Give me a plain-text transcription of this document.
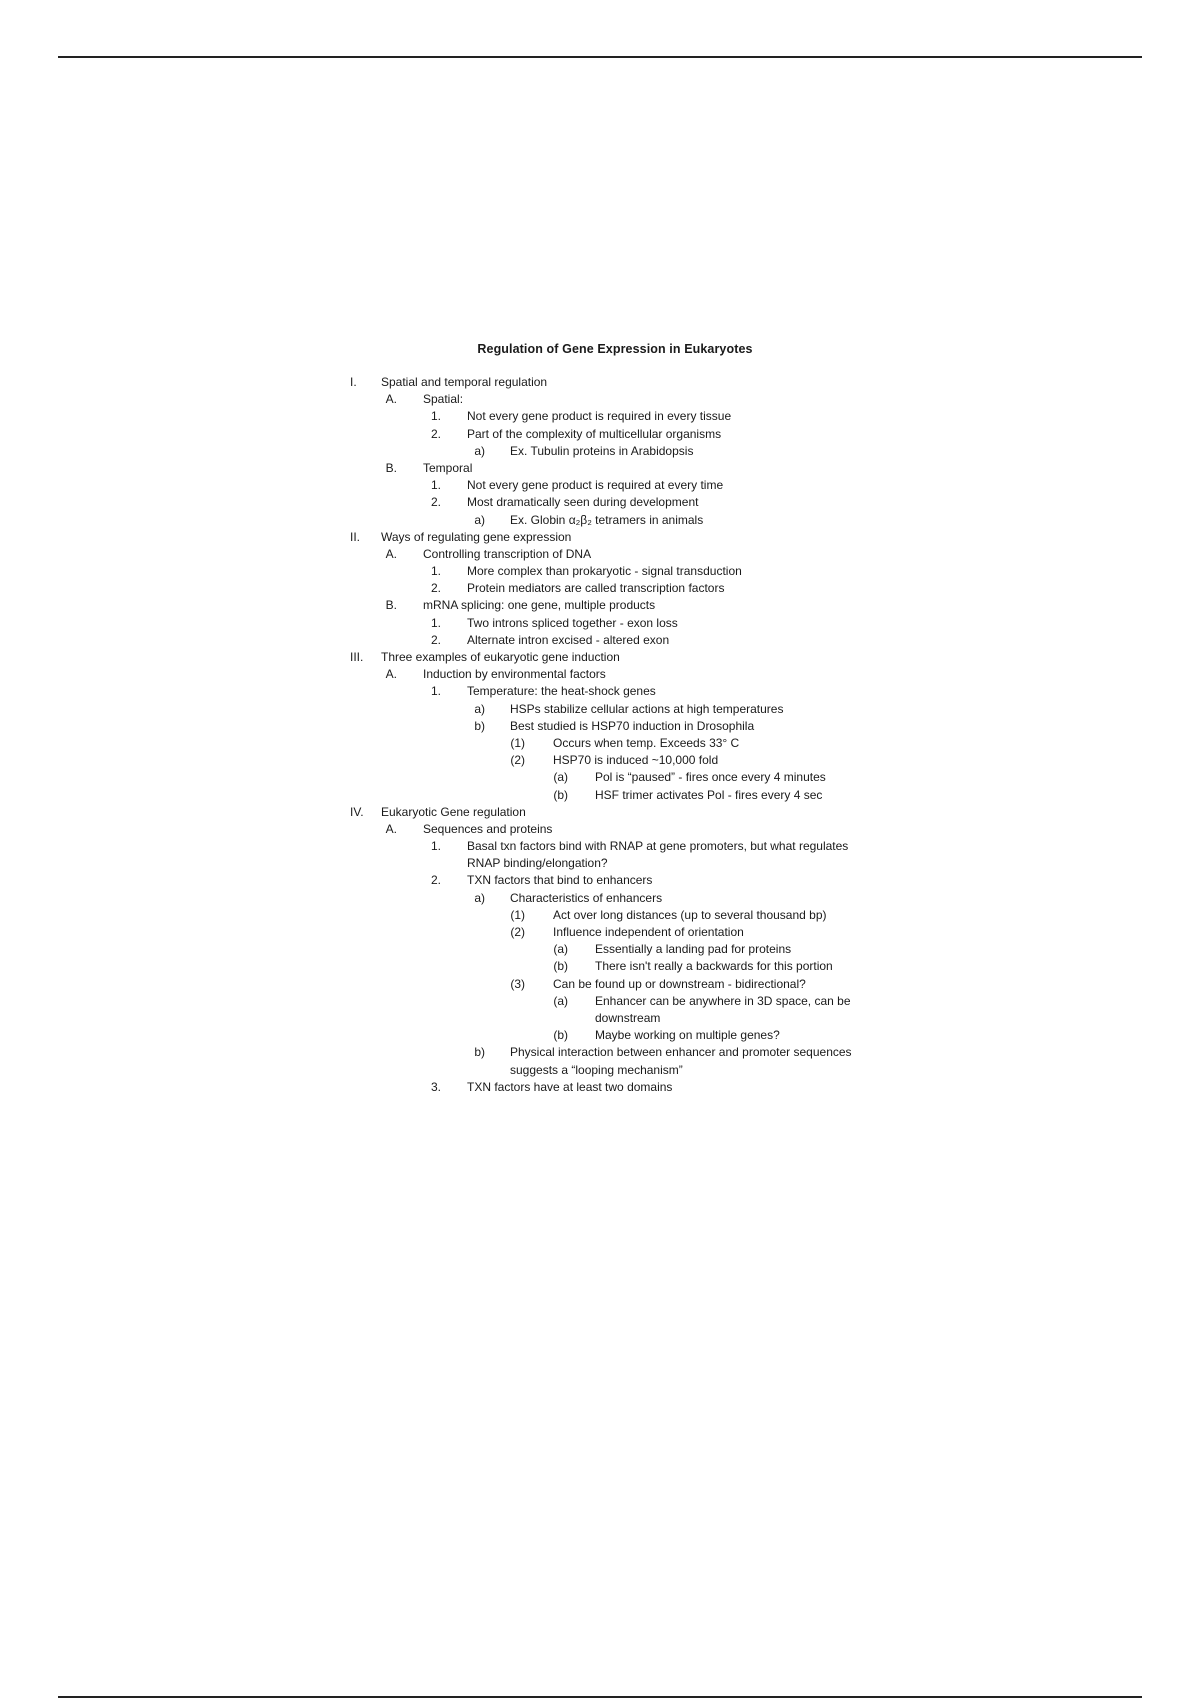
Regulation of Gene Expression in Eukaryotes
I.	Spatial and temporal regulation
A. Spatial:
1. Not every gene product is required in every tissue
2. Part of the complexity of multicellular organisms
a) Ex. Tubulin proteins in Arabidopsis
B. Temporal
1. Not every gene product is required at every time
2. Most dramatically seen during development
a) Ex. Globin α₂β₂ tetramers in animals
II.	Ways of regulating gene expression
A. Controlling transcription of DNA
1. More complex than prokaryotic - signal transduction
2. Protein mediators are called transcription factors
B. mRNA splicing: one gene, multiple products
1. Two introns spliced together - exon loss
2. Alternate intron excised - altered exon
III.	Three examples of eukaryotic gene induction
A. Induction by environmental factors
1. Temperature: the heat-shock genes
a) HSPs stabilize cellular actions at high temperatures
b) Best studied is HSP70 induction in Drosophila
(1) Occurs when temp. Exceeds 33° C
(2) HSP70 is induced ~10,000 fold
(a) Pol is “paused” - fires once every 4 minutes
(b) HSF trimer activates Pol - fires every 4 sec
IV.	Eukaryotic Gene regulation
A. Sequences and proteins
1. Basal txn factors bind with RNAP at gene promoters, but what regulates
RNAP binding/elongation?
2. TXN factors that bind to enhancers
a) Characteristics of enhancers
(1) Act over long distances (up to several thousand bp)
(2) Influence independent of orientation
(a) Essentially a landing pad for proteins
(b) There isn't really a backwards for this portion
(3) Can be found up or downstream - bidirectional?
(a) Enhancer can be anywhere in 3D space, can be
downstream
(b) Maybe working on multiple genes?
b) Physical interaction between enhancer and promoter sequences
suggests a “looping mechanism”
3. TXN factors have at least two domains
